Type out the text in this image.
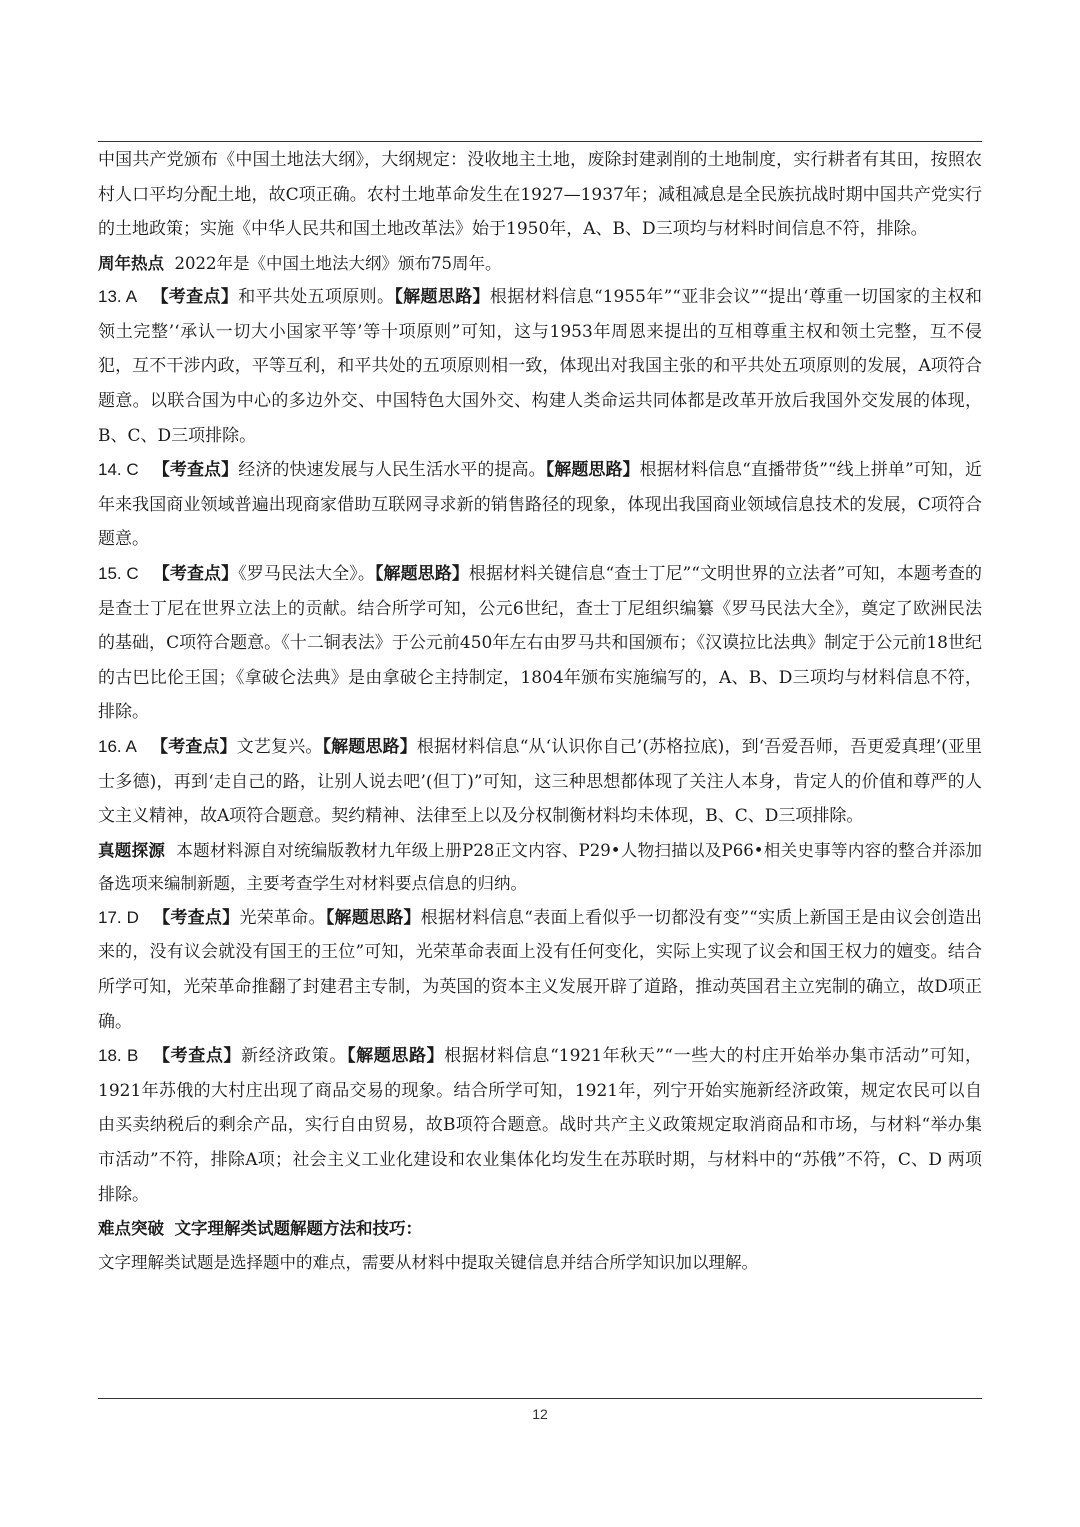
中国共产党颁布《中国土地法大纲》，大纲规定：没收地主土地，废除封建剥削的土地制度，实行耕者有其田，按照农村人口平均分配土地，故C项正确。农村土地革命发生在1927—1937年；减租减息是全民族抗战时期中国共产党实行的土地政策；实施《中华人民共和国土地改革法》始于1950年，A、B、D三项均与材料时间信息不符，排除。

周年热点 2022年是《中国土地法大纲》颁布75周年。

13. A 【考查点】和平共处五项原则。【解题思路】根据材料信息“1955年”“亚非会议”“提出‘尊重一切国家的主权和领土完整’‘承认一切大小国家平等’等十项原则”可知，这与1953年周恩来提出的互相尊重主权和领土完整，互不侵犯，互不干涉内政，平等互利，和平共处的五项原则相一致，体现出对我国主张的和平共处五项原则的发展，A项符合题意。以联合国为中心的多边外交、中国特色大国外交、构建人类命运共同体都是改革开放后我国外交发展的体现，B、C、D三项排除。

14. C 【考查点】经济的快速发展与人民生活水平的提高。【解题思路】根据材料信息“直播带货”“线上拼单”可知，近年来我国商业领域普遍出现商家借助互联网寻求新的销售路径的现象，体现出我国商业领域信息技术的发展，C项符合题意。

15. C 【考查点】《罗马民法大全》。【解题思路】根据材料关键信息“查士丁尼”“文明世界的立法者”可知，本题考查的是查士丁尼在世界立法上的贡献。结合所学可知，公元6世纪，查士丁尼组织编纂《罗马民法大全》，奠定了欧洲民法的基础，C项符合题意。《十二铜表法》于公元前450年左右由罗马共和国颁布；《汉谟拉比法典》制定于公元前18世纪的古巴比伦王国；《拿破仑法典》是由拿破仑主持制定，1804年颁布实施编写的，A、B、D三项均与材料信息不符，排除。

16. A 【考查点】文艺复兴。【解题思路】根据材料信息“从‘认识你自己’(苏格拉底)，到‘吾爱吾师，吾更爱真理’(亚里士多德)，再到‘走自己的路，让别人说去吧’(但丁)”可知，这三种思想都体现了关注人本身，肯定人的价值和尊严的人文主义精神，故A项符合题意。契约精神、法律至上以及分权制衡材料均未体现，B、C、D三项排除。

真题探源 本题材料源自对统编版教材九年级上册P28正文内容、P29•人物扫描以及P66•相关史事等内容的整合并添加备选项来编制新题，主要考查学生对材料要点信息的归纳。

17. D 【考查点】光荣革命。【解题思路】根据材料信息“表面上看似乎一切都没有变”“实质上新国王是由议会创造出来的，没有议会就没有国王的王位”可知，光荣革命表面上没有任何变化，实际上实现了议会和国王权力的嬗变。结合所学可知，光荣革命推翻了封建君主专制，为英国的资本主义发展开辟了道路，推动英国君主立宪制的确立，故D项正确。

18. B 【考查点】新经济政策。【解题思路】根据材料信息“1921年秋天”“一些大的村庄开始举办集市活动”可知，1921年苏俄的大村庄出现了商品交易的现象。结合所学可知，1921年，列宁开始实施新经济政策，规定农民可以自由买卖纳税后的剩余产品，实行自由贸易，故B项符合题意。战时共产主义政策规定取消商品和市场，与材料“举办集市活动”不符，排除A项；社会主义工业化建设和农业集体化均发生在苏联时期，与材料中的“苏俄”不符，C、D 两项排除。

难点突破 文字理解类试题解题方法和技巧：

文字理解类试题是选择题中的难点，需要从材料中提取关键信息并结合所学知识加以理解。

12
